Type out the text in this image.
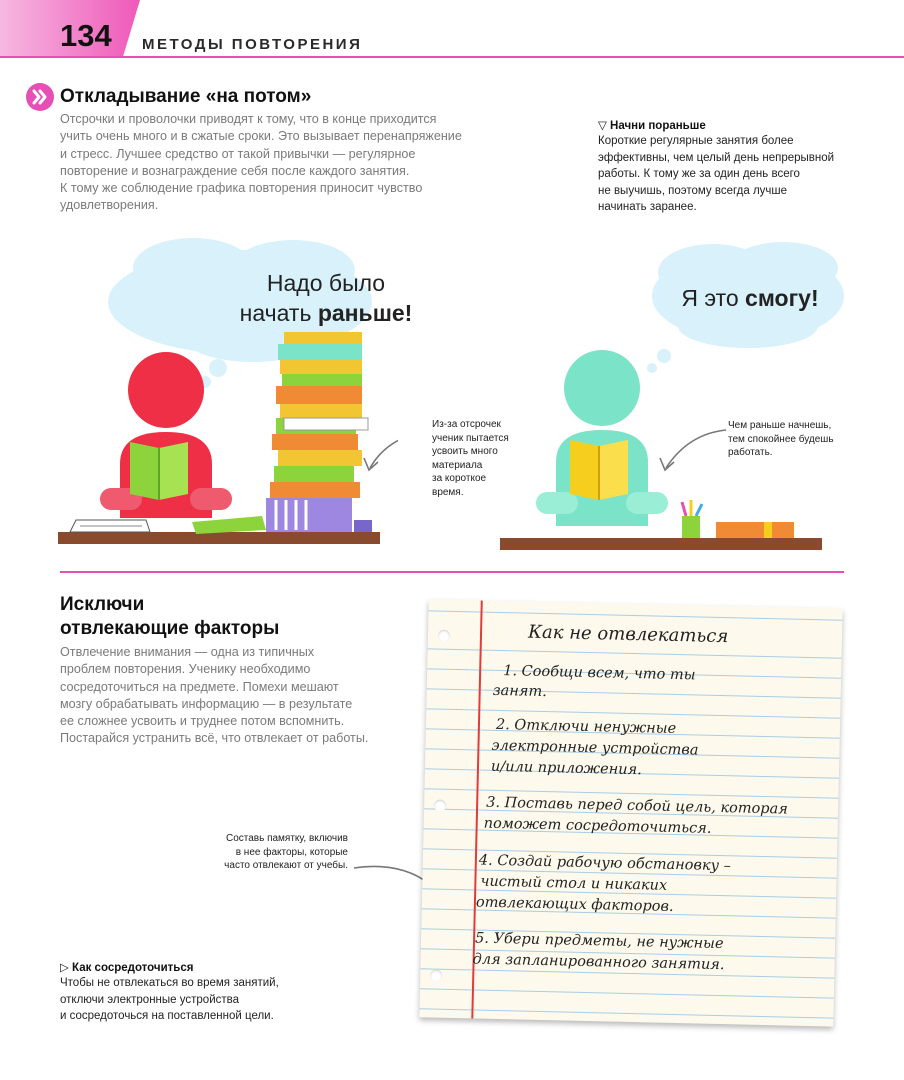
134 МЕТОДЫ ПОВТОРЕНИЯ
Откладывание «на потом»
Отсрочки и проволочки приводят к тому, что в конце приходится
учить очень много и в сжатые сроки. Это вызывает перенапряжение
и стресс. Лучшее средство от такой привычки — регулярное
повторение и вознаграждение себя после каждого занятия.
К тому же соблюдение графика повторения приносит чувство
удовлетворения.
▽ Начни пораньше
Короткие регулярные занятия более
эффективны, чем целый день непрерывной
работы. К тому же за один день всего
не выучишь, поэтому всегда лучше
начинать заранее.
Надо было
начать раньше!
Из-за отсрочек
ученик пытается
усвоить много
материала
за короткое
время.
Я это смогу!
Чем раньше начнешь,
тем спокойнее будешь
работать.
Исключи
отвлекающие факторы
Отвлечение внимания — одна из типичных
проблем повторения. Ученику необходимо
сосредоточиться на предмете. Помехи мешают
мозгу обрабатывать информацию — в результате
ее сложнее усвоить и труднее потом вспомнить.
Постарайся устранить всё, что отвлекает от работы.
Составь памятку, включив
в нее факторы, которые
часто отвлекают от учебы.
▷ Как сосредоточиться
Чтобы не отвлекаться во время занятий,
отключи электронные устройства
и сосредоточься на поставленной цели.
Как не отвлекаться
1. Сообщи всем, что ты
занят.
2. Отключи ненужные
электронные устройства
и/или приложения.
3. Поставь перед собой цель, которая
поможет сосредоточиться.
4. Создай рабочую обстановку –
чистый стол и никаких
отвлекающих факторов.
5. Убери предметы, не нужные
для запланированного занятия.
